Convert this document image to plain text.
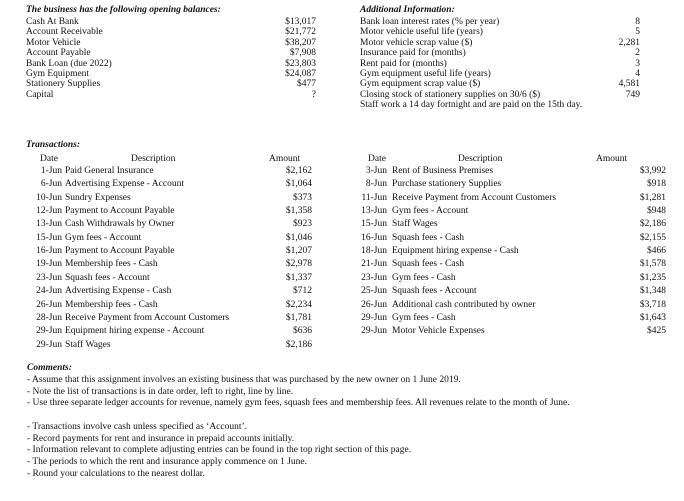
The business has the following opening balances:
Cash At Bank	$13,017
Account Receivable	$21,772
Motor Vehicle	$38,207
Account Payable	$7,908
Bank Loan (due 2022)	$23,803
Gym Equipment	$24,087
Stationery Supplies	$477
Capital	?
Additional Information:
Bank loan interest rates (% per year)	8
Motor vehicle useful life (years)	5
Motor vehicle scrap value ($)	2,281
Insurance paid for (months)	2
Rent paid for (months)	3
Gym equipment useful life (years)	4
Gym equipment scrap value ($)	4,581
Closing stock of stationery supplies on 30/6 ($)	749
Staff work a 14 day fortnight and are paid on the 15th day.
Transactions:
Date	Description	Amount	Date	Description	Amount
1-Jun Paid General Insurance	$2,162
6-Jun Advertising Expense - Account	$1,064
10-Jun Sundry Expenses	$373
12-Jun Payment to Account Payable	$1,358
13-Jun Cash Withdrawals by Owner	$923
15-Jun Gym fees - Account	$1,046
16-Jun Payment to Account Payable	$1,207
19-Jun Membership fees - Cash	$2,978
23-Jun Squash fees - Account	$1,337
24-Jun Advertising Expense - Cash	$712
26-Jun Membership fees - Cash	$2,234
28-Jun Receive Payment from Account Customers	$1,781
29-Jun Equipment hiring expense - Account	$636
29-Jun Staff Wages	$2,186
3-Jun Rent of Business Premises	$3,992
8-Jun Purchase stationery Supplies	$918
11-Jun Receive Payment from Account Customers	$1,281
13-Jun Gym fees - Account	$948
15-Jun Staff Wages	$2,186
16-Jun Squash fees - Cash	$2,155
18-Jun Equipment hiring expense - Cash	$466
21-Jun Squash fees - Cash	$1,578
23-Jun Gym fees - Cash	$1,235
25-Jun Squash fees - Account	$1,348
26-Jun Additional cash contributed by owner	$3,718
29-Jun Gym fees - Cash	$1,643
29-Jun Motor Vehicle Expenses	$425
Comments:
- Assume that this assignment involves an existing business that was purchased by the new owner on 1 June 2019.
- Note the list of transactions is in date order, left to right, line by line.
- Use three separate ledger accounts for revenue, namely gym fees, squash fees and membership fees. All revenues relate to the month of June.
- Transactions involve cash unless specified as ‘Account’.
- Record payments for rent and insurance in prepaid accounts initially.
- Information relevant to complete adjusting entries can be found in the top right section of this page.
- The periods to which the rent and insurance apply commence on 1 June.
- Round your calculations to the nearest dollar.
